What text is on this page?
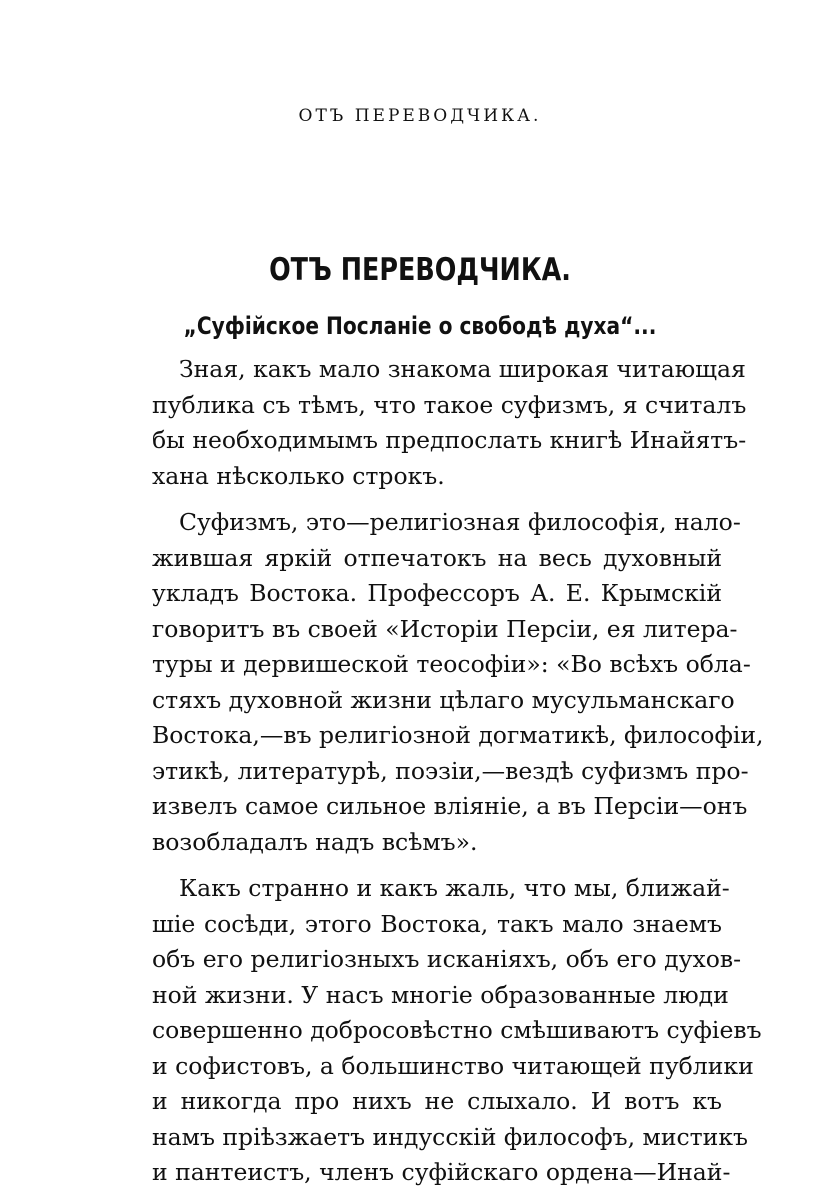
ОТЪ ПЕРЕВОДЧИКА.
ОТЪ ПЕРЕВОДЧИКА.
„Суфiйское Посланiе о свободѣ духа“...
Зная, какъ мало знакома широкая читающая
публика съ тѣмъ, что такое суфизмъ, я считалъ
бы необходимымъ предпослать книгѣ Инайятъ-
хана нѣсколько строкъ.
Суфизмъ, это—религiозная философiя, нало-
жившая яркiй отпечатокъ на весь духовный
укладъ Востока. Профессоръ А. Е. Крымскiй
говоритъ въ своей «Исторiи Персiи, ея литера-
туры и дервишеской теософiи»: «Во всѣхъ обла-
стяхъ духовной жизни цѣлаго мусульманскаго
Востока,—въ религiозной догматикѣ, философiи,
этикѣ, литературѣ, поэзiи,—вездѣ суфизмъ про-
извелъ самое сильное влiянiе, а въ Персiи—онъ
возобладалъ надъ всѣмъ».
Какъ странно и какъ жаль, что мы, ближай-
шiе сосѣди, этого Востока, такъ мало знаемъ
объ его религiозныхъ исканiяхъ, объ его духов-
ной жизни. У насъ многiе образованные люди
совершенно добросовѣстно смѣшиваютъ суфiевъ
и софистовъ, а большинство читающей публики
и никогда про нихъ не слыхало. И вотъ къ
намъ прiѣзжаетъ индусскiй философъ, мистикъ
и пантеистъ, членъ суфiйскаго ордена—Инай-
